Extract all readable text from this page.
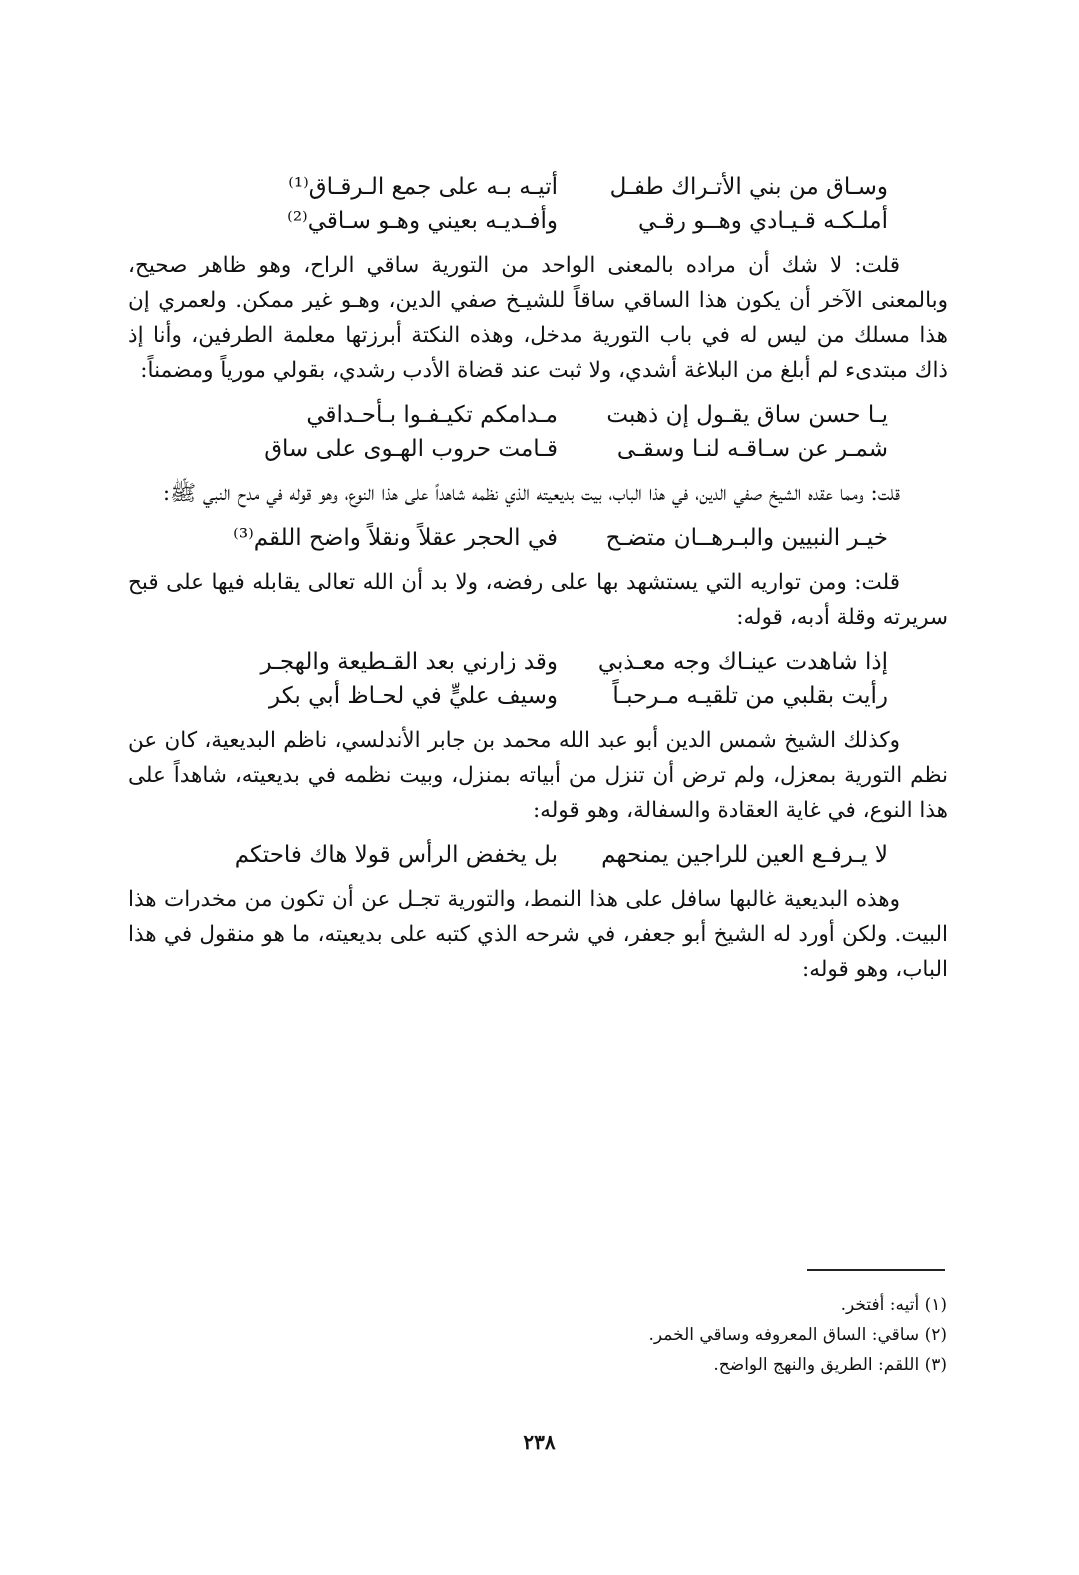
وسـاق من بني الأتـراك طفـل
أتيـه بـه على جمع الـرقـاق⁽¹⁾
أملـكـه قـيـادي وهــو رقـي
وأفـديـه بعيني وهـو سـاقي⁽²⁾

قلت: لا شك أن مراده بالمعنى الواحد من التورية ساقي الراح، وهو ظاهر صحيح، وبالمعنى الآخر أن يكون هذا الساقي ساقاً للشيـخ صفي الدين، وهـو غير ممكن. ولعمري إن هذا مسلك من ليس له في باب التورية مدخل، وهذه النكتة أبرزتها معلمة الطرفين، وأنا إذ ذاك مبتدىء لم أبلغ من البلاغة أشدي، ولا ثبت عند قضاة الأدب رشدي، بقولي مورياً ومضمناً:

يـا حسن ساق يقـول إن ذهبت
مـدامكم تكيـفـوا بـأحـداقي
شمـر عن سـاقـه لنـا وسقـى
قـامت حروب الهـوى على ساق

قلت: ومما عقده الشيخ صفي الدين، في هذا الباب، بيت بديعيته الذي نظمه شاهداً على هذا النوع، وهو قوله في مدح النبي ﷺ:

خيـر النبيين والبـرهــان متضـح
في الحجر عقلاً ونقلاً واضح اللقم⁽³⁾

قلت: ومن تواريه التي يستشهد بها على رفضه، ولا بد أن الله تعالى يقابله فيها على قبح سريرته وقلة أدبه، قوله:

إذا شاهدت عينـاك وجه معـذبي
وقد زارني بعد القـطيعة والهجـر
رأيت بقلبي من تلقيـه مـرحبـاً
وسيف عليٍّ في لحـاظ أبي بكر

وكذلك الشيخ شمس الدين أبو عبد الله محمد بن جابر الأندلسي، ناظم البديعية، كان عن نظم التورية بمعزل، ولم ترض أن تنزل من أبياته بمنزل، وبيت نظمه في بديعيته، شاهداً على هذا النوع، في غاية العقادة والسفالة، وهو قوله:

لا يـرفـع العين للراجين يمنحهم
بل يخفض الرأس قولا هاك فاحتكم

وهذه البديعية غالبها سافل على هذا النمط، والتورية تجـل عن أن تكون من مخدرات هذا البيت. ولكن أورد له الشيخ أبو جعفر، في شرحه الذي كتبه على بديعيته، ما هو منقول في هذا الباب، وهو قوله:

(١) أتيه: أفتخر.
(٢) ساقي: الساق المعروفه وساقي الخمر.
(٣) اللقم: الطريق والنهج الواضح.
٢٣٨
